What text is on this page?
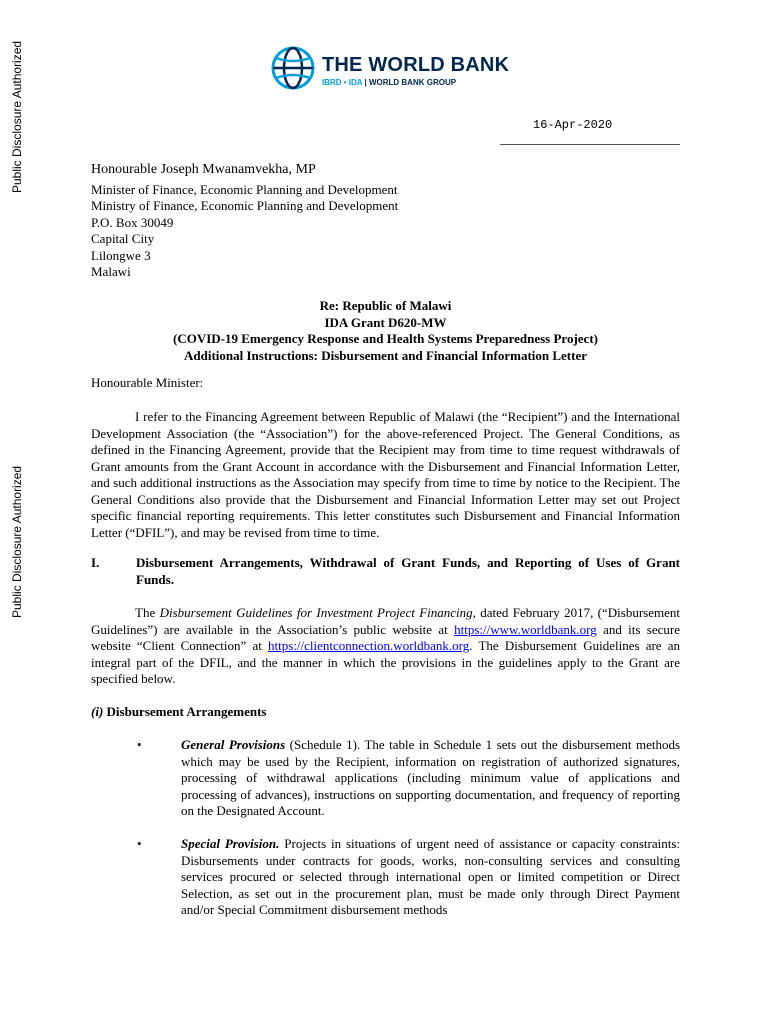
Public Disclosure Authorized
Public Disclosure Authorized
THE WORLD BANK
IBRD • IDA | WORLD BANK GROUP
16-Apr-2020
Honourable Joseph Mwanamvekha, MP
Minister of Finance, Economic Planning and Development
Ministry of Finance, Economic Planning and Development
P.O. Box 30049
Capital City
Lilongwe 3
Malawi
Re: Republic of Malawi
IDA Grant D620-MW
(COVID-19 Emergency Response and Health Systems Preparedness Project)
Additional Instructions: Disbursement and Financial Information Letter
Honourable Minister:
I refer to the Financing Agreement between Republic of Malawi (the “Recipient”) and the International Development Association (the “Association”) for the above-referenced Project. The General Conditions, as defined in the Financing Agreement, provide that the Recipient may from time to time request withdrawals of Grant amounts from the Grant Account in accordance with the Disbursement and Financial Information Letter, and such additional instructions as the Association may specify from time to time by notice to the Recipient. The General Conditions also provide that the Disbursement and Financial Information Letter may set out Project specific financial reporting requirements. This letter constitutes such Disbursement and Financial Information Letter (“DFIL”), and may be revised from time to time.
I.	Disbursement Arrangements, Withdrawal of Grant Funds, and Reporting of Uses of Grant Funds.
The Disbursement Guidelines for Investment Project Financing, dated February 2017, (“Disbursement Guidelines”) are available in the Association’s public website at https://www.worldbank.org and its secure website “Client Connection” at https://clientconnection.worldbank.org. The Disbursement Guidelines are an integral part of the DFIL, and the manner in which the provisions in the guidelines apply to the Grant are specified below.
(i) Disbursement Arrangements
•	General Provisions (Schedule 1). The table in Schedule 1 sets out the disbursement methods which may be used by the Recipient, information on registration of authorized signatures, processing of withdrawal applications (including minimum value of applications and processing of advances), instructions on supporting documentation, and frequency of reporting on the Designated Account.
•	Special Provision. Projects in situations of urgent need of assistance or capacity constraints: Disbursements under contracts for goods, works, non-consulting services and consulting services procured or selected through international open or limited competition or Direct Selection, as set out in the procurement plan, must be made only through Direct Payment and/or Special Commitment disbursement methods
